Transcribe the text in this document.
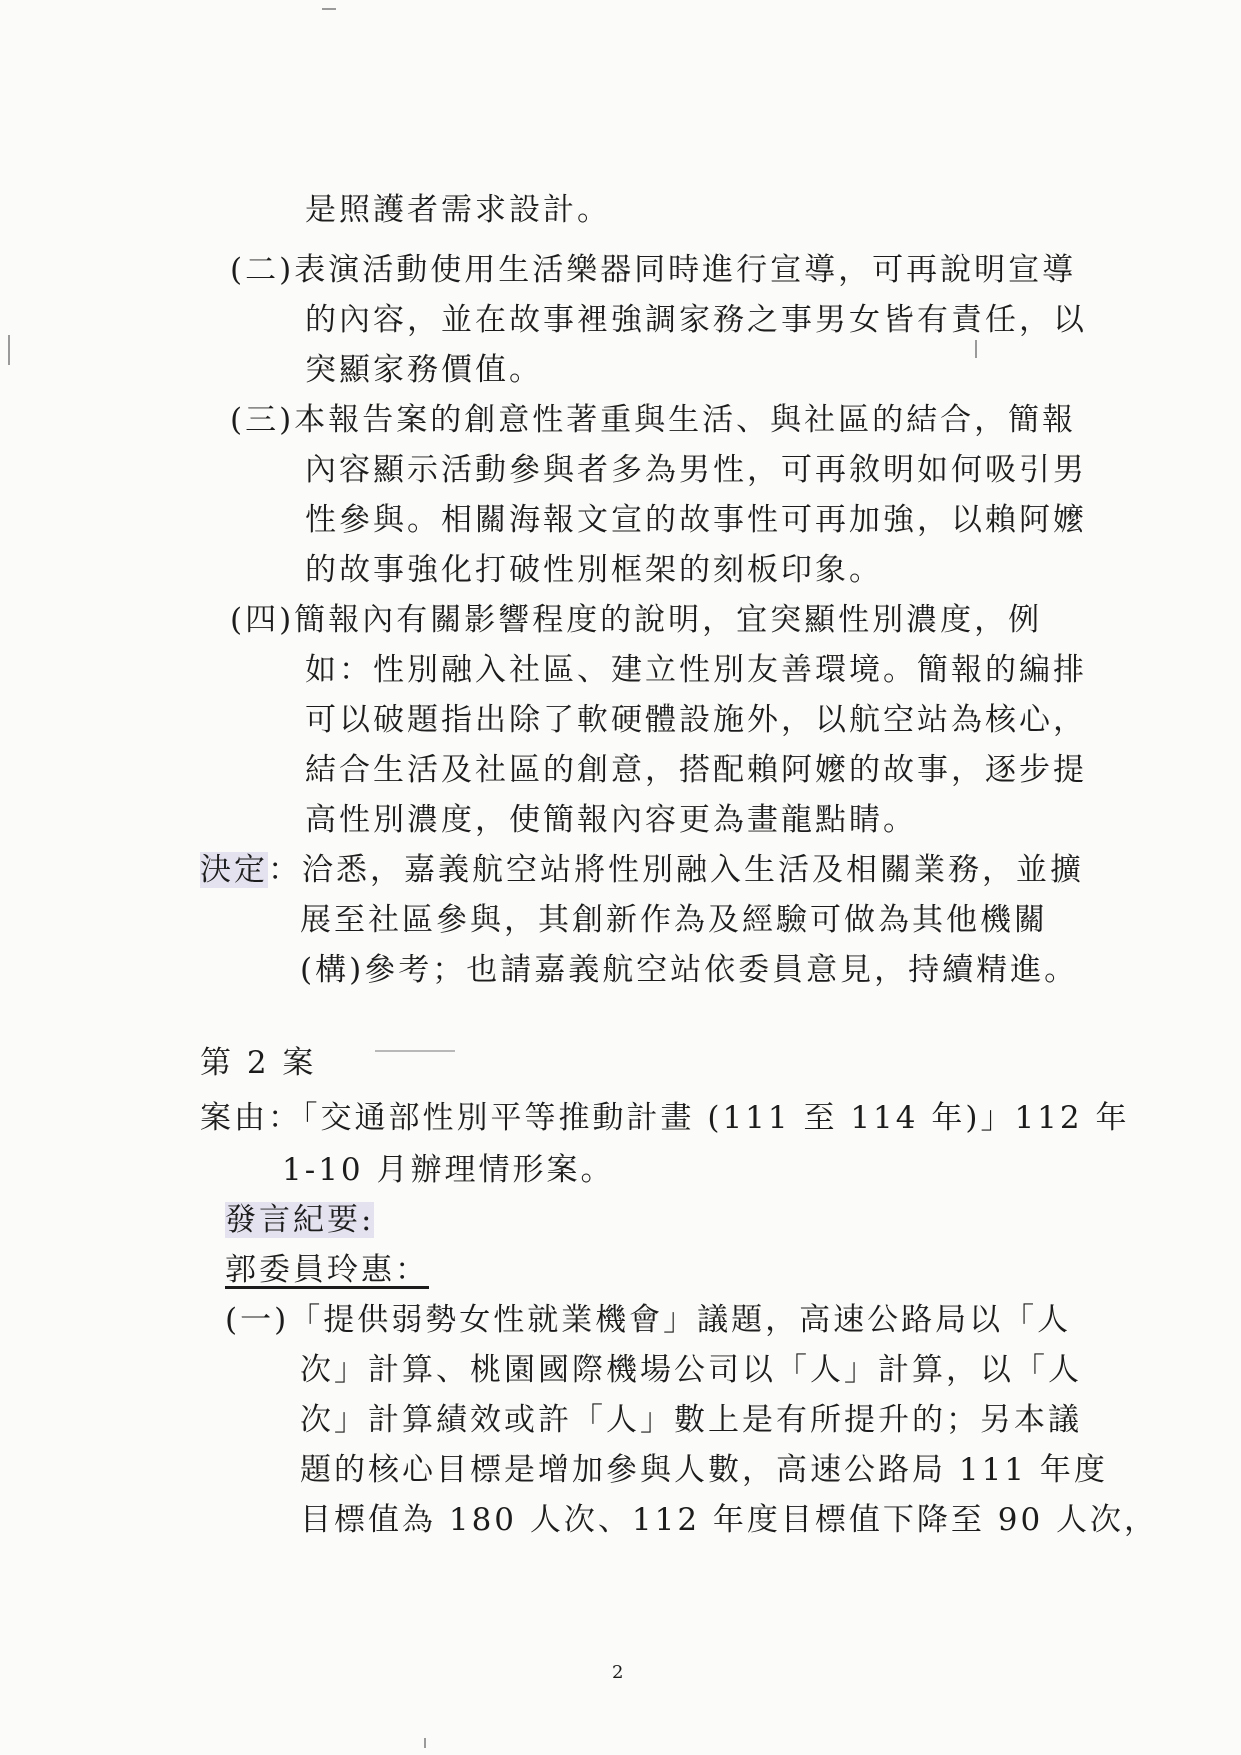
是照護者需求設計。
(二)表演活動使用生活樂器同時進行宣導，可再說明宣導
的內容，並在故事裡強調家務之事男女皆有責任，以
突顯家務價值。
(三)本報告案的創意性著重與生活、與社區的結合，簡報
內容顯示活動參與者多為男性，可再敘明如何吸引男
性參與。相關海報文宣的故事性可再加強，以賴阿嬤
的故事強化打破性別框架的刻板印象。
(四)簡報內有關影響程度的說明，宜突顯性別濃度，例
如：性別融入社區、建立性別友善環境。簡報的編排
可以破題指出除了軟硬體設施外，以航空站為核心，
結合生活及社區的創意，搭配賴阿嬤的故事，逐步提
高性別濃度，使簡報內容更為畫龍點睛。
決定：洽悉，嘉義航空站將性別融入生活及相關業務，並擴
展至社區參與，其創新作為及經驗可做為其他機關
(構)參考；也請嘉義航空站依委員意見，持續精進。
第 2 案
案由：「交通部性別平等推動計畫 (111 至 114 年)」112 年
1-10 月辦理情形案。
發言紀要:
郭委員玲惠：
(一)「提供弱勢女性就業機會」議題，高速公路局以「人
次」計算、桃園國際機場公司以「人」計算，以「人
次」計算績效或許「人」數上是有所提升的；另本議
題的核心目標是增加參與人數，高速公路局 111 年度
目標值為 180 人次、112 年度目標值下降至 90 人次，
2
